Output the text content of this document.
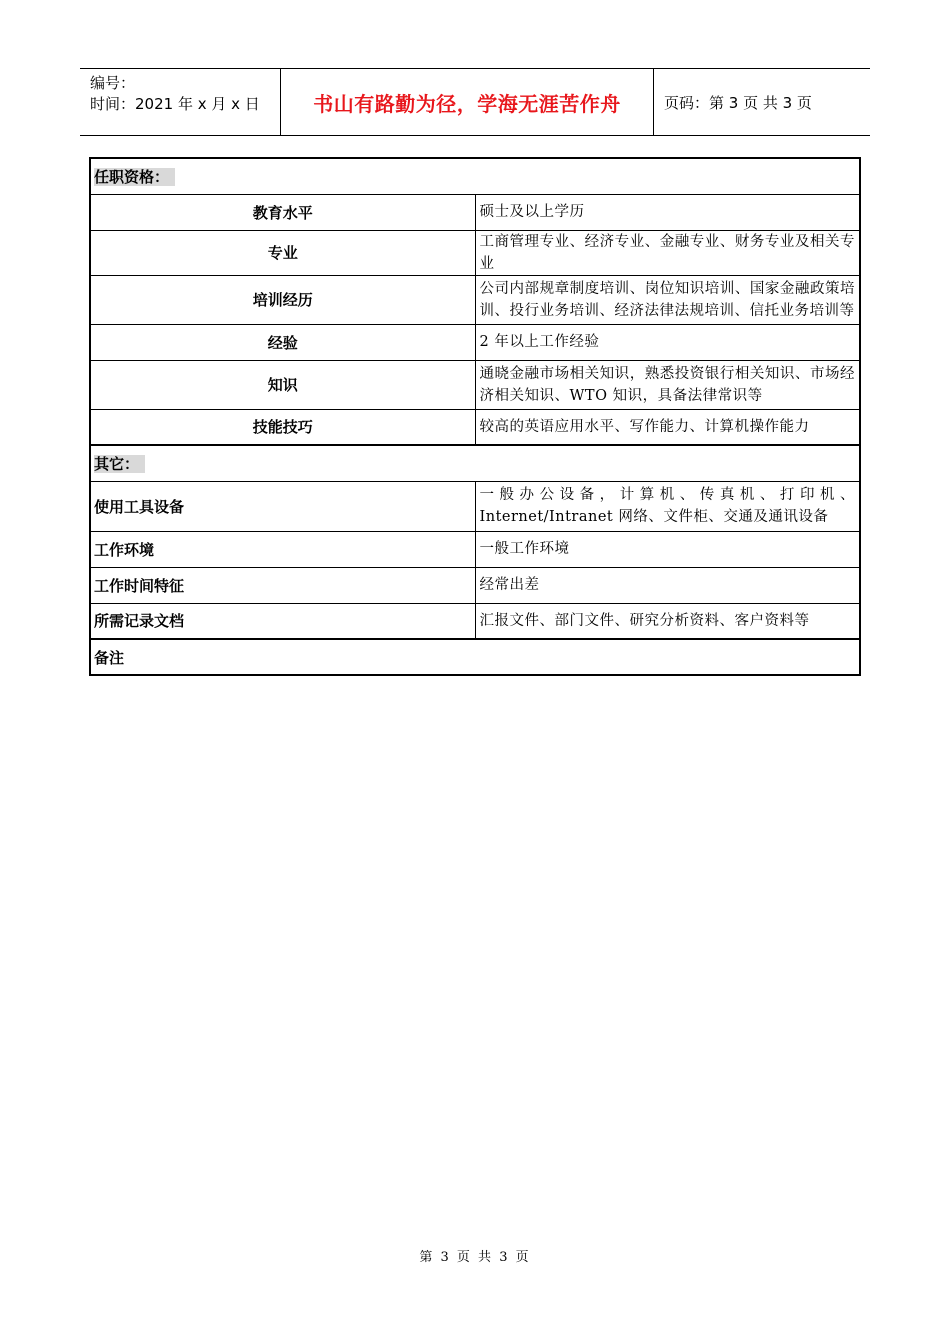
编号：
时间：2021 年 x 月 x 日	书山有路勤为径，学海无涯苦作舟	页码：第 3 页 共 3 页
任职资格：	
教育水平	硕士及以上学历
专业	工商管理专业、经济专业、金融专业、财务专业及相关专业
培训经历	公司内部规章制度培训、岗位知识培训、国家金融政策培训、投行业务培训、经济法律法规培训、信托业务培训等
经验	2 年以上工作经验
知识	通晓金融市场相关知识，熟悉投资银行相关知识、市场经济相关知识、WTO 知识，具备法律常识等
技能技巧	较高的英语应用水平、写作能力、计算机操作能力
其它：	
使用工具设备	一般办公设备，计算机、传真机、打印机、Internet/Intranet 网络、文件柜、交通及通讯设备
工作环境	一般工作环境
工作时间特征	经常出差
所需记录文档	汇报文件、部门文件、研究分析资料、客户资料等
备注	
第 3 页 共 3 页
